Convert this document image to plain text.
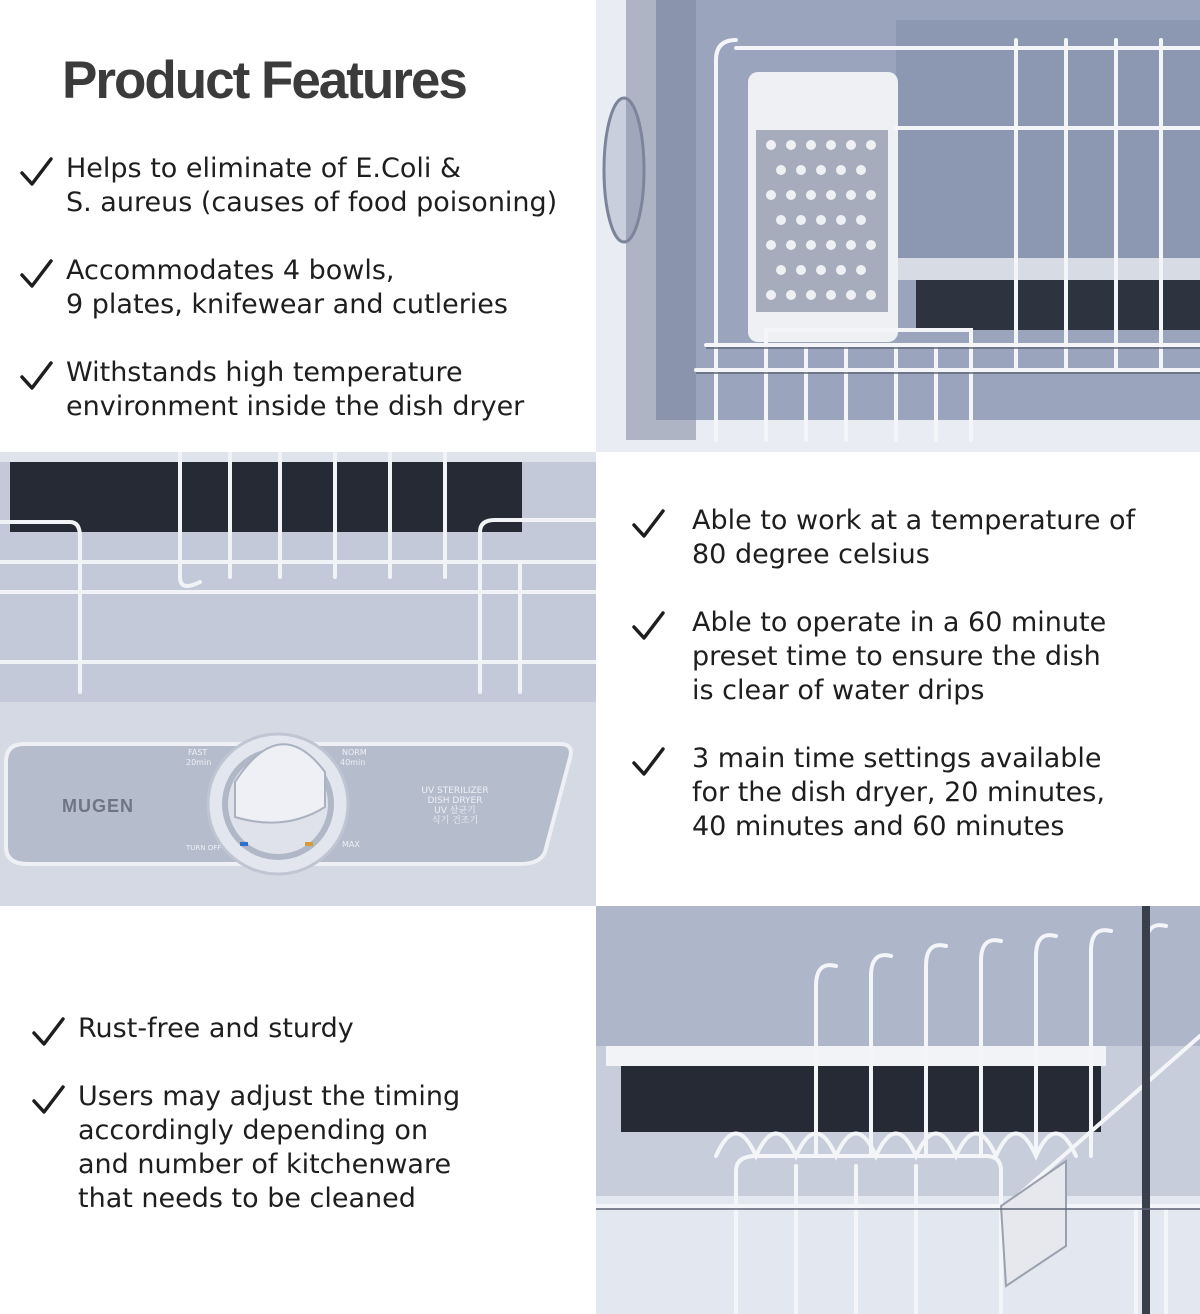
Product Features
Helps to eliminate of E.Coli &
S. aureus (causes of food poisoning)
Accommodates 4 bowls,
9 plates, knifewear and cutleries
Withstands high temperature
environment inside the dish dryer
MUGEN
FAST
20min
NORM
40min
MAX
TURN OFF
UV STERILIZER
DISH DRYER
UV 살균기
식기 건조기
Able to work at a temperature of
80 degree celsius
Able to operate in a 60 minute
preset time to ensure the dish
is clear of water drips
3 main time settings available
for the dish dryer, 20 minutes,
40 minutes and 60 minutes
Rust-free and sturdy
Users may adjust the timing
accordingly depending on
and number of kitchenware
that needs to be cleaned
